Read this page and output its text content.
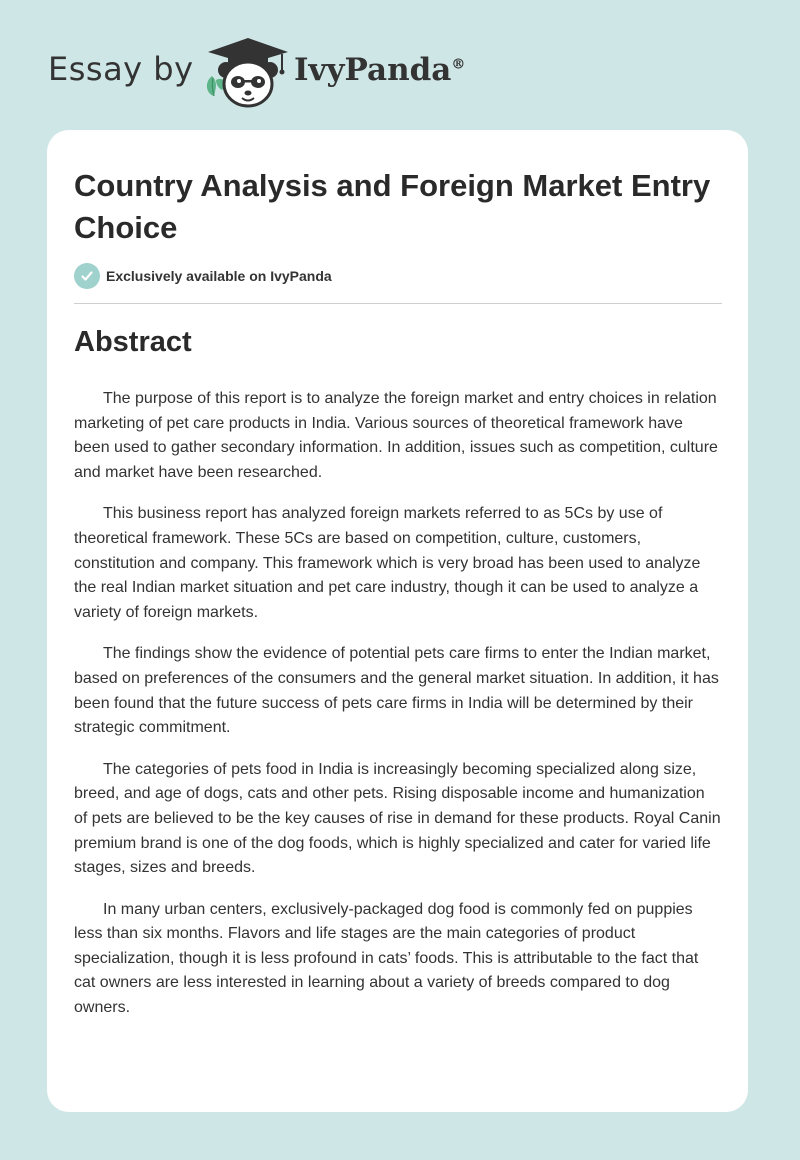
Essay by	IvyPanda®
Country Analysis and Foreign Market Entry Choice
Exclusively available on IvyPanda
Abstract

The purpose of this report is to analyze the foreign market and entry choices in relation marketing of pet care products in India. Various sources of theoretical framework have been used to gather secondary information. In addition, issues such as competition, culture and market have been researched.

This business report has analyzed foreign markets referred to as 5Cs by use of theoretical framework. These 5Cs are based on competition, culture, customers, constitution and company. This framework which is very broad has been used to analyze the real Indian market situation and pet care industry, though it can be used to analyze a variety of foreign markets.

The findings show the evidence of potential pets care firms to enter the Indian market, based on preferences of the consumers and the general market situation. In addition, it has been found that the future success of pets care firms in India will be determined by their strategic commitment.

The categories of pets food in India is increasingly becoming specialized along size, breed, and age of dogs, cats and other pets. Rising disposable income and humanization of pets are believed to be the key causes of rise in demand for these products. Royal Canin premium brand is one of the dog foods, which is highly specialized and cater for varied life stages, sizes and breeds.

In many urban centers, exclusively-packaged dog food is commonly fed on puppies less than six months. Flavors and life stages are the main categories of product specialization, though it is less profound in cats’ foods. This is attributable to the fact that cat owners are less interested in learning about a variety of breeds compared to dog owners.
